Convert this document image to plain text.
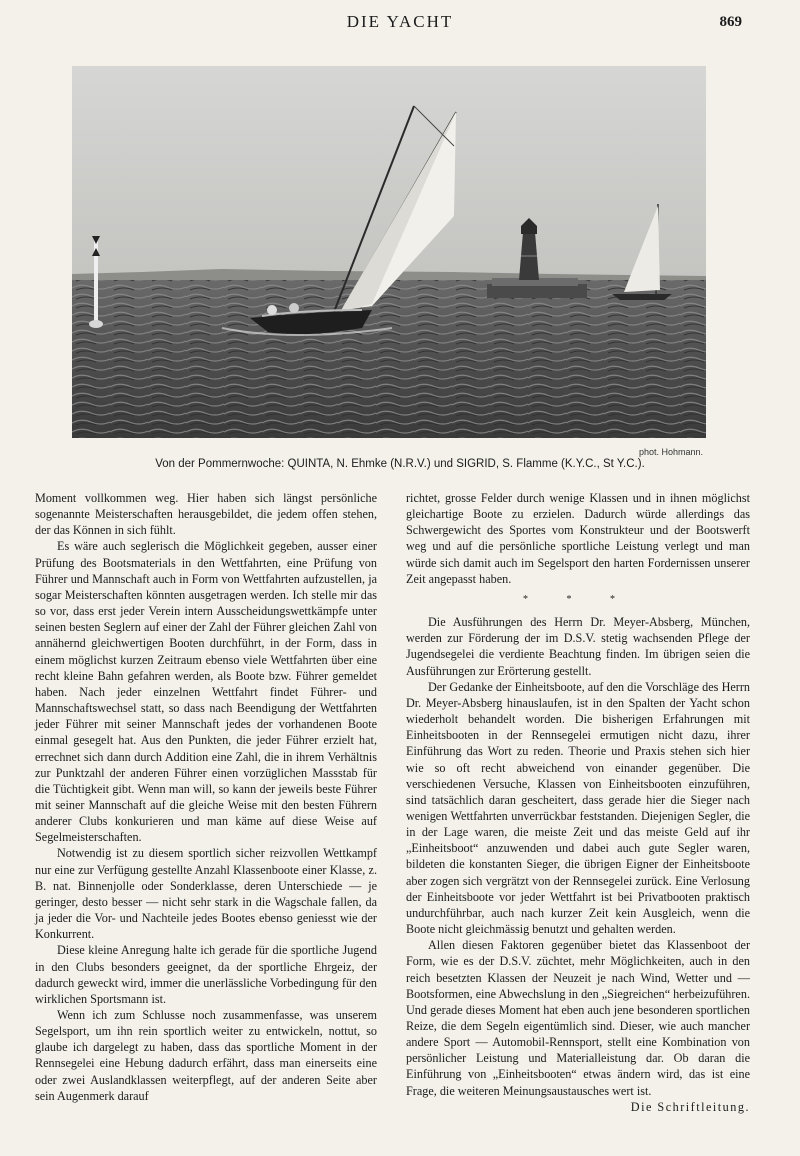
DIE YACHT	869
phot. Hohmann.
Von der Pommernwoche: QUINTA, N. Ehmke (N.R.V.) und SIGRID, S. Flamme (K.Y.C., St Y.C.).

Moment vollkommen weg. Hier haben sich längst persönliche sogenannte Meisterschaften herausgebildet, die jedem offen stehen, der das Können in sich fühlt.

Es wäre auch seglerisch die Möglichkeit gegeben, ausser einer Prüfung des Bootsmaterials in den Wettfahrten, eine Prüfung von Führer und Mannschaft auch in Form von Wettfahrten aufzustellen, ja sogar Meisterschaften könnten ausgetragen werden. Ich stelle mir das so vor, dass erst jeder Verein intern Ausscheidungswettkämpfe unter seinen besten Seglern auf einer der Zahl der Führer gleichen Zahl von annähernd gleichwertigen Booten durchführt, in der Form, dass in einem möglichst kurzen Zeitraum ebenso viele Wettfahrten über eine recht kleine Bahn gefahren werden, als Boote bzw. Führer gemeldet haben. Nach jeder einzelnen Wettfahrt findet Führer- und Mannschaftswechsel statt, so dass nach Beendigung der Wettfahrten jeder Führer mit seiner Mannschaft jedes der vorhandenen Boote einmal gesegelt hat. Aus den Punkten, die jeder Führer erzielt hat, errechnet sich dann durch Addition eine Zahl, die in ihrem Verhältnis zur Punktzahl der anderen Führer einen vorzüglichen Massstab für die Tüchtigkeit gibt. Wenn man will, so kann der jeweils beste Führer mit seiner Mannschaft auf die gleiche Weise mit den besten Führern anderer Clubs konkurieren und man käme auf diese Weise auf Segelmeisterschaften.

Notwendig ist zu diesem sportlich sicher reizvollen Wettkampf nur eine zur Verfügung gestellte Anzahl Klassenboote einer Klasse, z. B. nat. Binnenjolle oder Sonderklasse, deren Unterschiede — je geringer, desto besser — nicht sehr stark in die Wagschale fallen, da ja jeder die Vor- und Nachteile jedes Bootes ebenso geniesst wie der Konkurrent.

Diese kleine Anregung halte ich gerade für die sportliche Jugend in den Clubs besonders geeignet, da der sportliche Ehrgeiz, der dadurch geweckt wird, immer die unerlässliche Vorbedingung für den wirklichen Sportsmann ist.

Wenn ich zum Schlusse noch zusammenfasse, was unserem Segelsport, um ihn rein sportlich weiter zu entwickeln, nottut, so glaube ich dargelegt zu haben, dass das sportliche Moment in der Rennsegelei eine Hebung dadurch erfährt, dass man einerseits eine oder zwei Auslandklassen weiterpflegt, auf der anderen Seite aber sein Augenmerk darauf

richtet, grosse Felder durch wenige Klassen und in ihnen möglichst gleichartige Boote zu erzielen. Dadurch würde allerdings das Schwergewicht des Sportes vom Konstrukteur und der Bootswerft weg und auf die persönliche sportliche Leistung verlegt und man würde sich damit auch im Segelsport den harten Fordernissen unserer Zeit angepasst haben.

* * *

Die Ausführungen des Herrn Dr. Meyer-Absberg, München, werden zur Förderung der im D.S.V. stetig wachsenden Pflege der Jugendsegelei die verdiente Beachtung finden. Im übrigen seien die Ausführungen zur Erörterung gestellt.

Der Gedanke der Einheitsboote, auf den die Vorschläge des Herrn Dr. Meyer-Absberg hinauslaufen, ist in den Spalten der Yacht schon wiederholt behandelt worden. Die bisherigen Erfahrungen mit Einheitsbooten in der Rennsegelei ermutigen nicht dazu, ihrer Einführung das Wort zu reden. Theorie und Praxis stehen sich hier wie so oft recht abweichend von einander gegenüber. Die verschiedenen Versuche, Klassen von Einheitsbooten einzuführen, sind tatsächlich daran gescheitert, dass gerade hier die Sieger nach wenigen Wettfahrten unverrückbar feststanden. Diejenigen Segler, die in der Lage waren, die meiste Zeit und das meiste Geld auf ihr „Einheitsboot“ anzuwenden und dabei auch gute Segler waren, bildeten die konstanten Sieger, die übrigen Eigner der Einheitsboote aber zogen sich vergrätzt von der Rennsegelei zurück. Eine Verlosung der Einheitsboote vor jeder Wettfahrt ist bei Privatbooten praktisch undurchführbar, auch nach kurzer Zeit kein Ausgleich, wenn die Boote nicht gleichmässig benutzt und gehalten werden.

Allen diesen Faktoren gegenüber bietet das Klassenboot der Form, wie es der D.S.V. züchtet, mehr Möglichkeiten, auch in den reich besetzten Klassen der Neuzeit je nach Wind, Wetter und — Bootsformen, eine Abwechslung in den „Siegreichen“ herbeizuführen. Und gerade dieses Moment hat eben auch jene besonderen sportlichen Reize, die dem Segeln eigentümlich sind. Dieser, wie auch mancher andere Sport — Automobil-Rennsport, stellt eine Kombination von persönlicher Leistung und Materialleistung dar. Ob daran die Einführung von „Einheitsbooten“ etwas ändern wird, das ist eine Frage, die weiteren Meinungsaustausches wert ist.

Die Schriftleitung.
